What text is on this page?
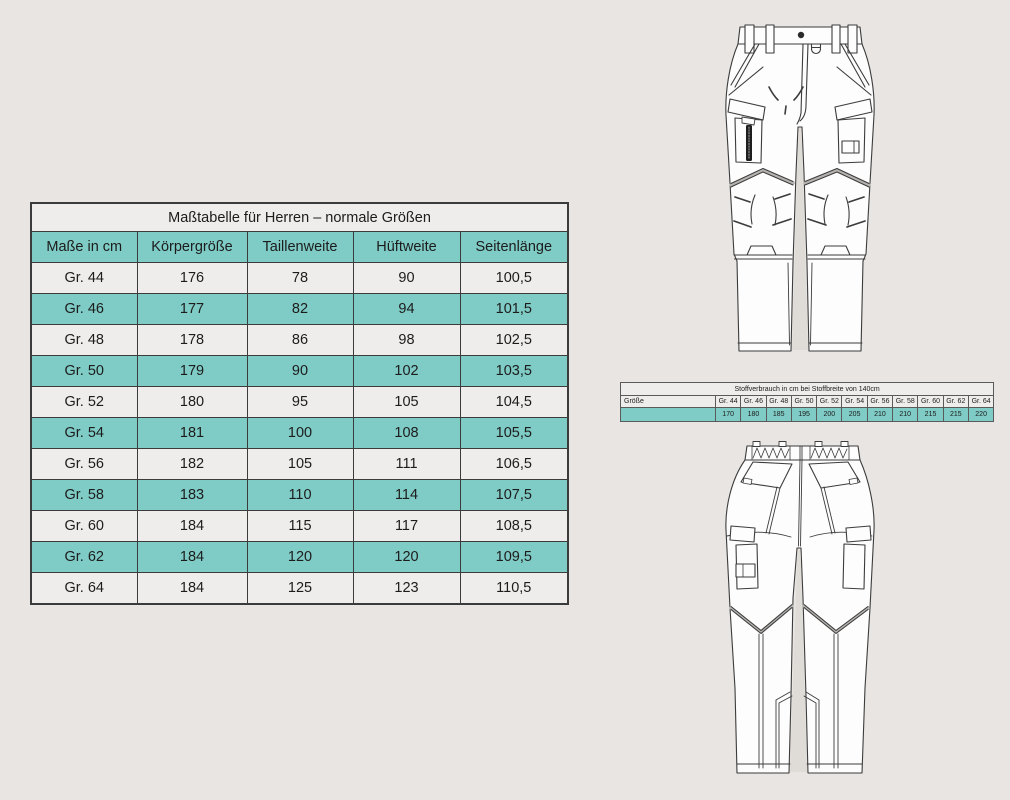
Maßtabelle für Herren – normale Größen				
Maße in cm	Körpergröße	Taillenweite	Hüftweite	Seitenlänge
Gr. 44	176	78	90	100,5
Gr. 46	177	82	94	101,5
Gr. 48	178	86	98	102,5
Gr. 50	179	90	102	103,5
Gr. 52	180	95	105	104,5
Gr. 54	181	100	108	105,5
Gr. 56	182	105	111	106,5
Gr. 58	183	110	114	107,5
Gr. 60	184	115	117	108,5
Gr. 62	184	120	120	109,5
Gr. 64	184	125	123	110,5
Stoffverbrauch in cm bei Stoffbreite von 140cm											
Größe	Gr. 44	Gr. 46	Gr. 48	Gr. 50	Gr. 52	Gr. 54	Gr. 56	Gr. 58	Gr. 60	Gr. 62	Gr. 64
	170	180	185	195	200	205	210	210	215	215	220
